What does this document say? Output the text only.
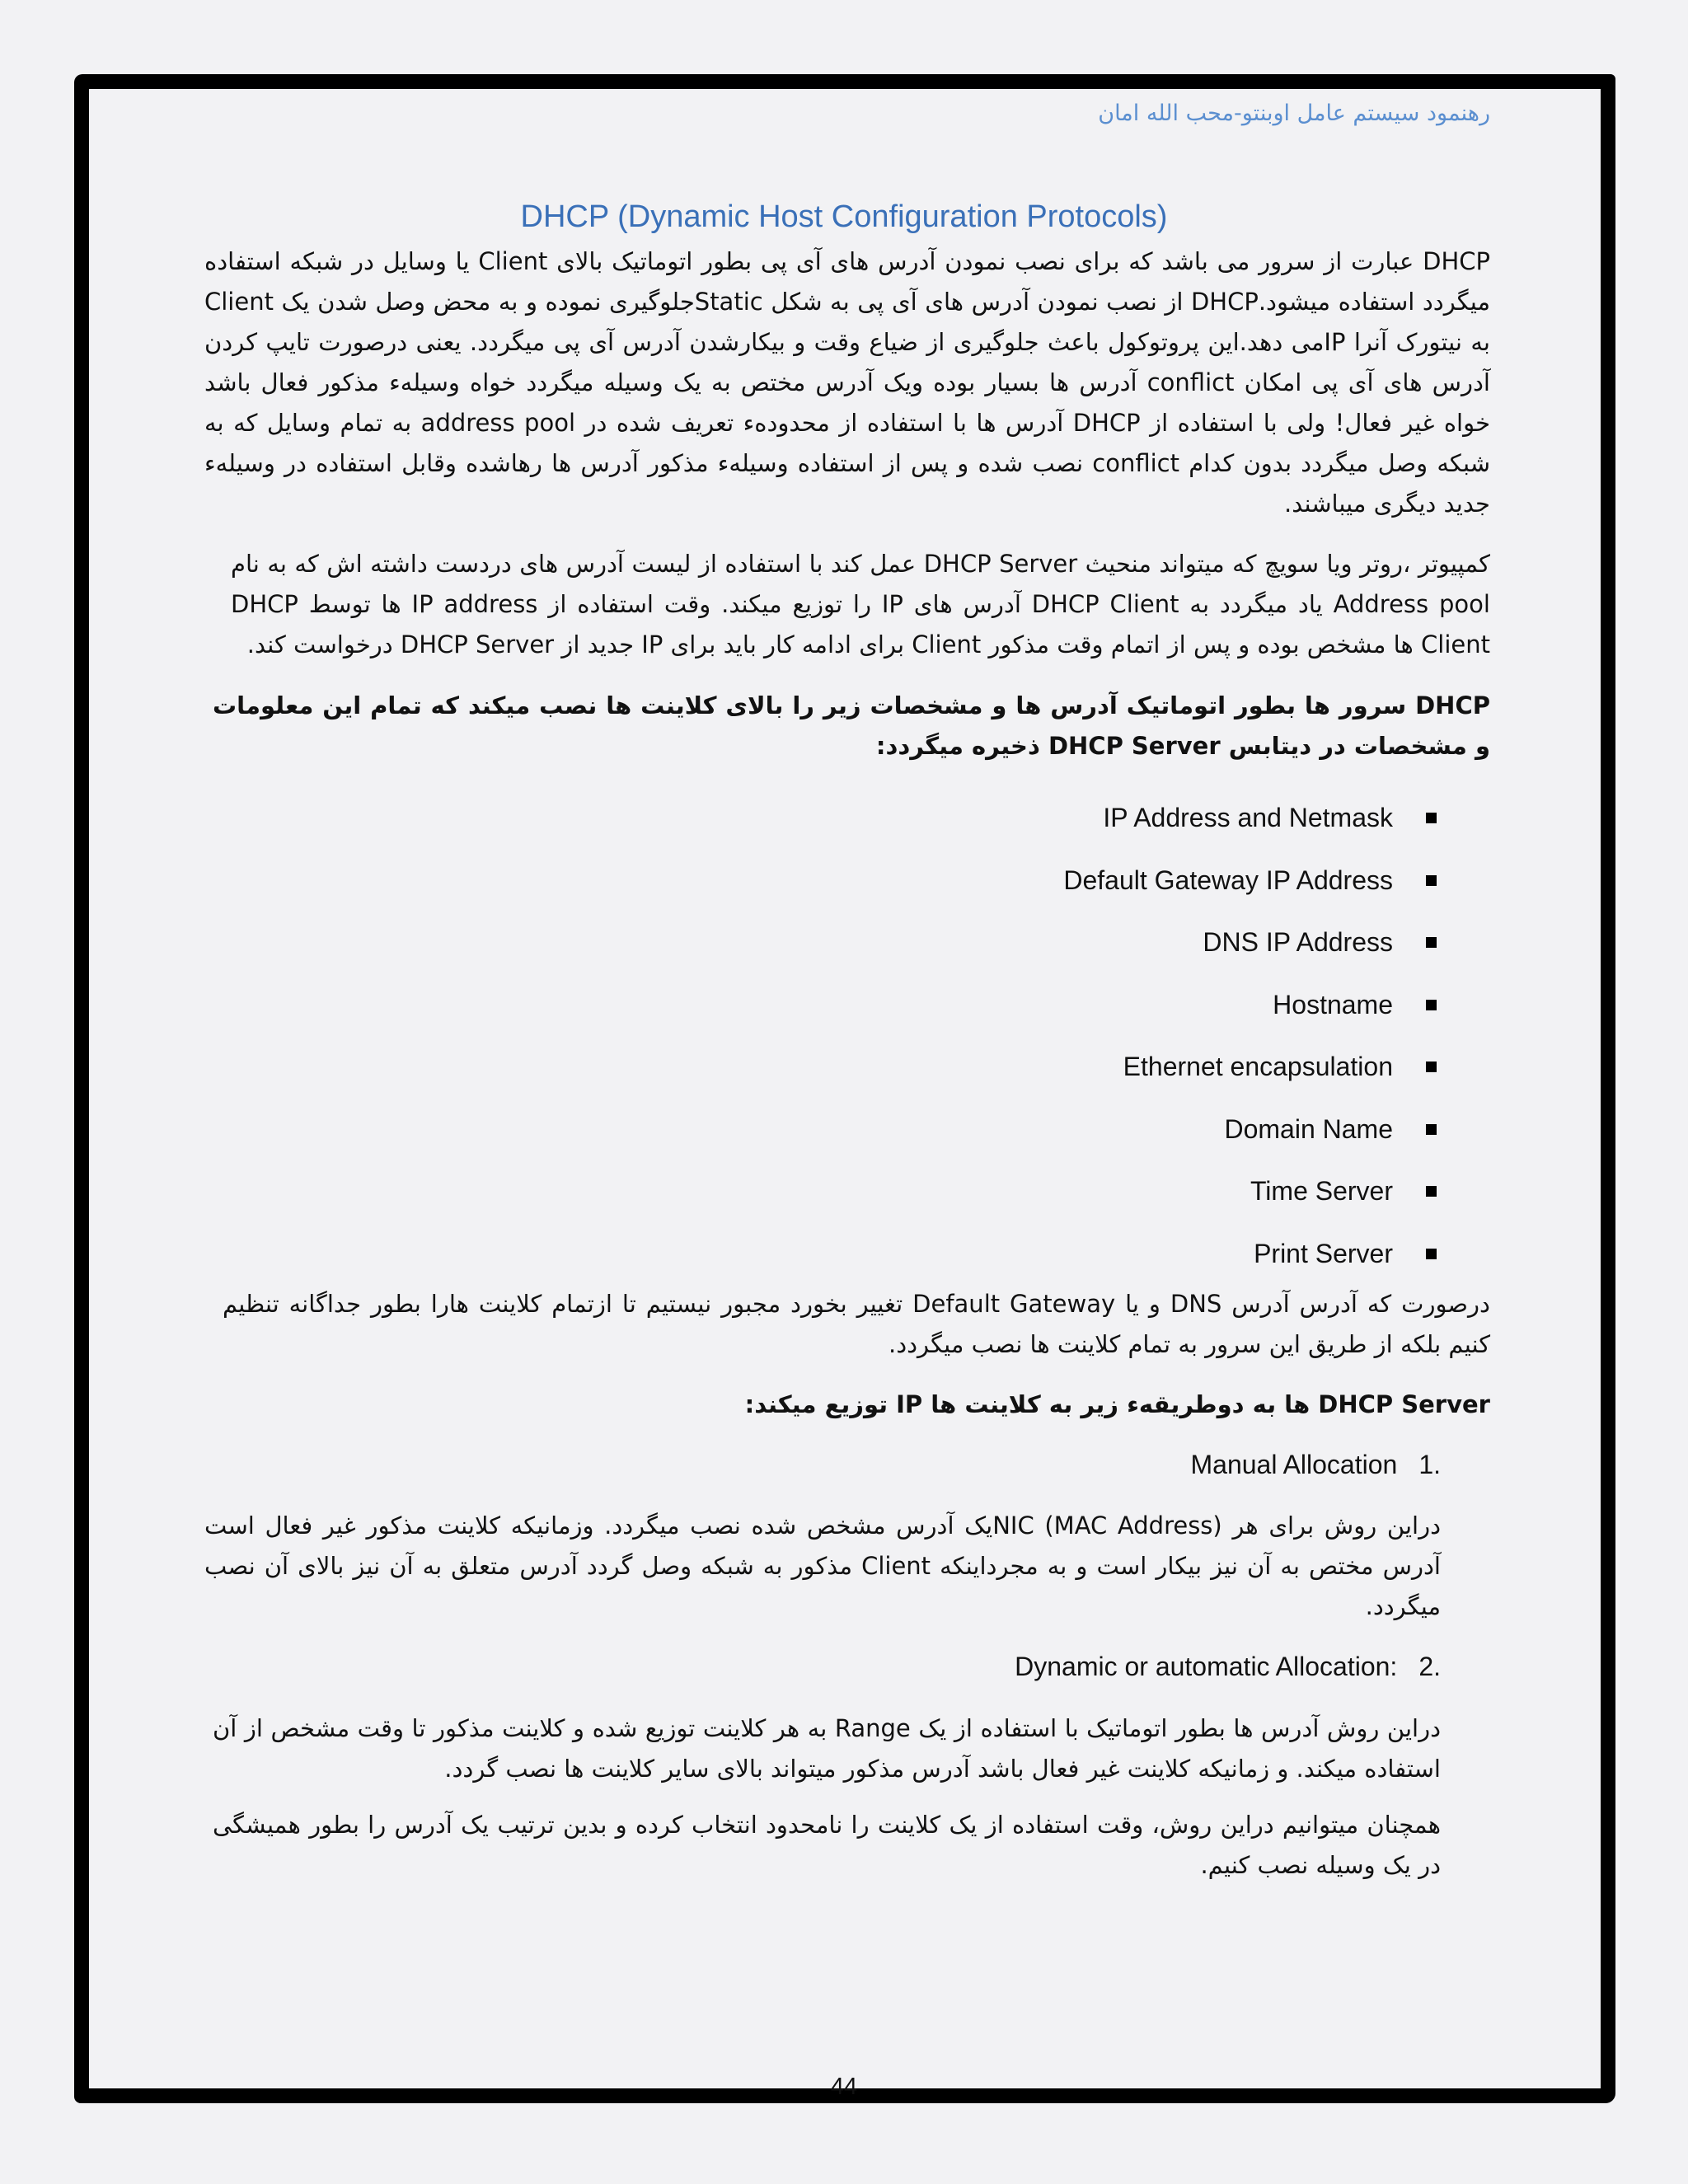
رهنمود سیستم عامل اوبنتو-محب الله امان
DHCP (Dynamic Host Configuration Protocols)

DHCP عبارت از سرور می باشد که برای نصب نمودن آدرس های آی پی بطور اتوماتیک بالای Client یا وسایل در شبکه استفاده میگردد استفاده میشود.DHCP از نصب نمودن آدرس های آی پی به شکل Staticجلوگیری نموده و به محض وصل شدن یک Client به نیتورک آنرا IPمی دهد.این پروتوکول باعث جلوگیری از ضیاع وقت و بیکارشدن آدرس آی پی میگردد. یعنی درصورت تایپ کردن آدرس های آی پی امکان conflict آدرس ها بسیار بوده ویک آدرس مختص به یک وسیله میگردد خواه وسیلهء مذکور فعال باشد خواه غیر فعال! ولی با استفاده از DHCP آدرس ها با استفاده از محدودهء تعریف شده در address pool به تمام وسایل که به شبکه وصل میگردد بدون کدام conflict نصب شده و پس از استفاده وسیلهء مذکور آدرس ها رهاشده وقابل استفاده در وسیلهء جدید دیگری میباشند.

کمپیوتر ،روتر ویا سویچ که میتواند منحیث DHCP Server عمل کند با استفاده از لیست آدرس های دردست داشته اش که به نام Address pool یاد میگردد به DHCP Client آدرس های IP را توزیع میکند. وقت استفاده از IP address ها توسط DHCP Client ها مشخص بوده و پس از اتمام وقت مذکور Client برای ادامه کار باید برای IP جدید از DHCP Server درخواست کند.

DHCP سرور ها بطور اتوماتیک آدرس ها و مشخصات زیر را بالای کلاینت ها نصب میکند که تمام این معلومات و مشخصات در دیتابس DHCP Server ذخیره میگردد:

IP Address and Netmask
Default Gateway IP Address
DNS IP Address
Hostname
Ethernet encapsulation
Domain Name
Time Server
Print Server

درصورت که آدرس آدرس DNS و یا Default Gateway تغییر بخورد مجبور نیستیم تا ازتمام کلاینت هارا بطور جداگانه تنظیم کنیم بلکه از طریق این سرور به تمام کلاینت ها نصب میگردد.

DHCP Server ها به دوطریقهء زیر به کلاینت ها IP توزیع میکند:

Manual Allocation 1.

دراین روش برای هر NIC (MAC Address)یک آدرس مشخص شده نصب میگردد. وزمانیکه کلاینت مذکور غیر فعال است آدرس مختص به آن نیز بیکار است و به مجرداینکه Client مذکور به شبکه وصل گردد آدرس متعلق به آن نیز بالای آن نصب میگردد.

Dynamic or automatic Allocation: 2.

دراین روش آدرس ها بطور اتوماتیک با استفاده از یک Range به هر کلاینت توزیع شده و کلاینت مذکور تا وقت مشخص از آن استفاده میکند. و زمانیکه کلاینت غیر فعال باشد آدرس مذکور میتواند بالای سایر کلاینت ها نصب گردد.

همچنان میتوانیم دراین روش، وقت استفاده از یک کلاینت را نامحدود انتخاب کرده و بدین ترتیب یک آدرس را بطور همیشگی در یک وسیله نصب کنیم.

44
